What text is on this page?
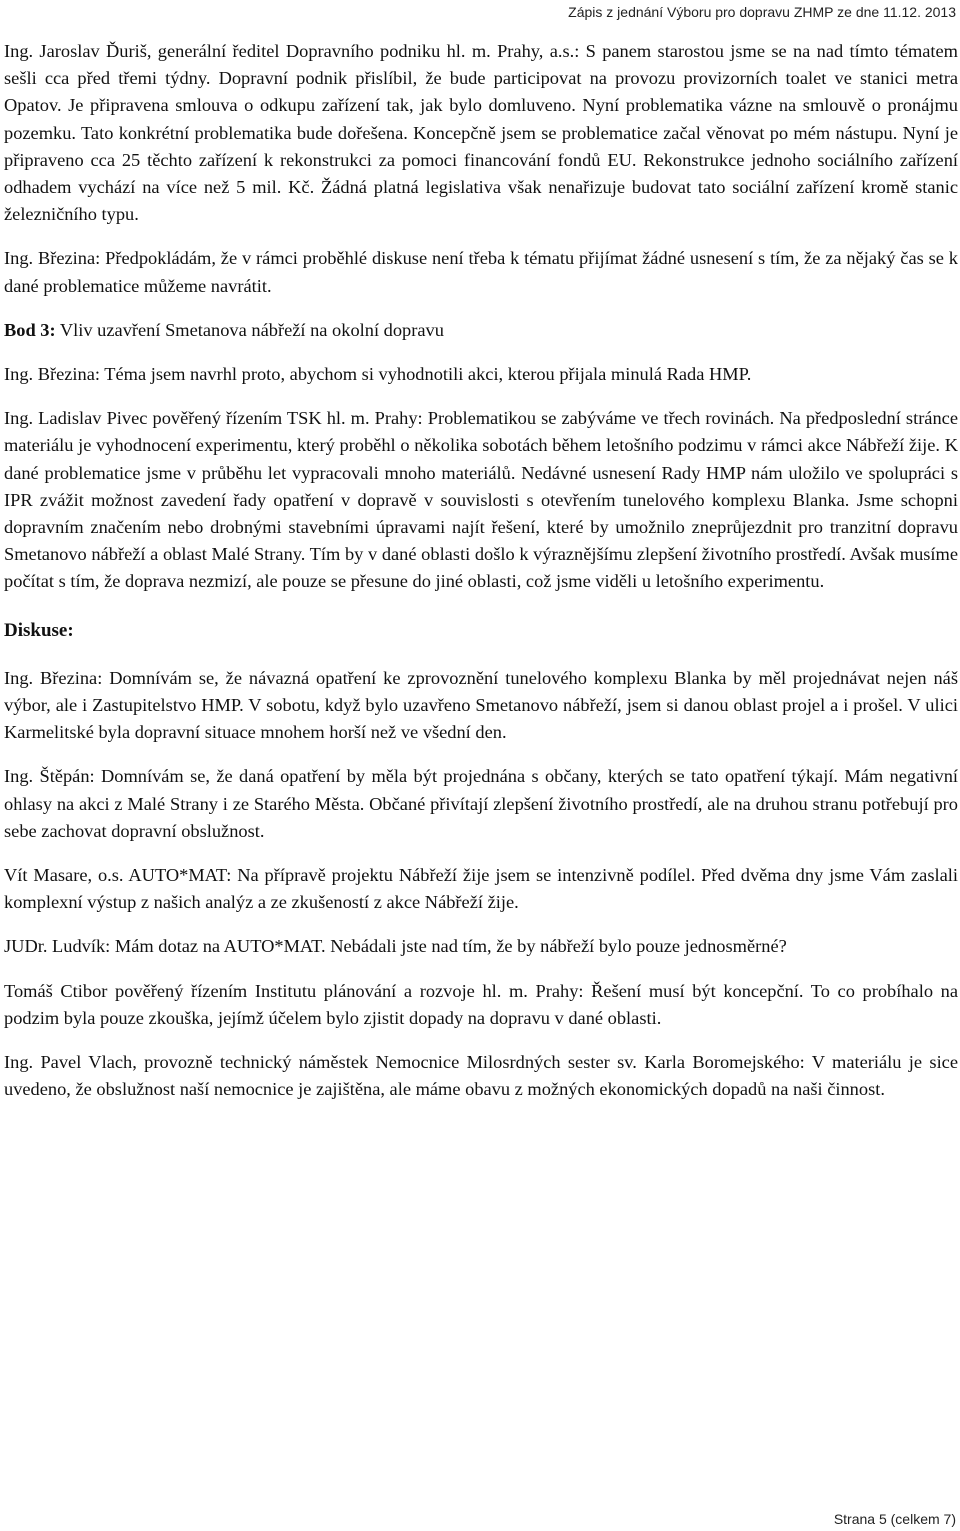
Zápis z jednání Výboru pro dopravu ZHMP ze dne 11.12. 2013

Ing. Jaroslav Ďuriš, generální ředitel Dopravního podniku hl. m. Prahy, a.s.: S panem starostou jsme se na nad tímto tématem sešli cca před třemi týdny. Dopravní podnik přislíbil, že bude participovat na provozu provizorních toalet ve stanici metra Opatov. Je připravena smlouva o odkupu zařízení tak, jak bylo domluveno. Nyní problematika vázne na smlouvě o pronájmu pozemku. Tato konkrétní problematika bude dořešena. Koncepčně jsem se problematice začal věnovat po mém nástupu. Nyní je připraveno cca 25 těchto zařízení k rekonstrukci za pomoci financování fondů EU. Rekonstrukce jednoho sociálního zařízení odhadem vychází na více než 5 mil. Kč. Žádná platná legislativa však nenařizuje budovat tato sociální zařízení kromě stanic železničního typu.

Ing. Březina: Předpokládám, že v rámci proběhlé diskuse není třeba k tématu přijímat žádné usnesení s tím, že za nějaký čas se k dané problematice můžeme navrátit.

Bod 3: Vliv uzavření Smetanova nábřeží na okolní dopravu

Ing. Březina: Téma jsem navrhl proto, abychom si vyhodnotili akci, kterou přijala minulá Rada HMP.

Ing. Ladislav Pivec pověřený řízením TSK hl. m. Prahy: Problematikou se zabýváme ve třech rovinách. Na předposlední stránce materiálu je vyhodnocení experimentu, který proběhl o několika sobotách během letošního podzimu v rámci akce Nábřeží žije. K dané problematice jsme v průběhu let vypracovali mnoho materiálů. Nedávné usnesení Rady HMP nám uložilo ve spolupráci s IPR zvážit možnost zavedení řady opatření v dopravě v souvislosti s otevřením tunelového komplexu Blanka. Jsme schopni dopravním značením nebo drobnými stavebními úpravami najít řešení, které by umožnilo zneprůjezdnit pro tranzitní dopravu Smetanovo nábřeží a oblast Malé Strany. Tím by v dané oblasti došlo k výraznějšímu zlepšení životního prostředí. Avšak musíme počítat s tím, že doprava nezmizí, ale pouze se přesune do jiné oblasti, což jsme viděli u letošního experimentu.

Diskuse:

Ing. Březina: Domnívám se, že návazná opatření ke zprovoznění tunelového komplexu Blanka by měl projednávat nejen náš výbor, ale i Zastupitelstvo HMP. V sobotu, když bylo uzavřeno Smetanovo nábřeží, jsem si danou oblast projel a i prošel. V ulici Karmelitské byla dopravní situace mnohem horší než ve všední den.

Ing. Štěpán: Domnívám se, že daná opatření by měla být projednána s občany, kterých se tato opatření týkají. Mám negativní ohlasy na akci z Malé Strany i ze Starého Města. Občané přivítají zlepšení životního prostředí, ale na druhou stranu potřebují pro sebe zachovat dopravní obslužnost.

Vít Masare, o.s. AUTO*MAT: Na přípravě projektu Nábřeží žije jsem se intenzivně podílel. Před dvěma dny jsme Vám zaslali komplexní výstup z našich analýz a ze zkušeností z akce Nábřeží žije.

JUDr. Ludvík: Mám dotaz na AUTO*MAT. Nebádali jste nad tím, že by nábřeží bylo pouze jednosměrné?

Tomáš Ctibor pověřený řízením Institutu plánování a rozvoje hl. m. Prahy: Řešení musí být koncepční. To co probíhalo na podzim byla pouze zkouška, jejímž účelem bylo zjistit dopady na dopravu v dané oblasti.

Ing. Pavel Vlach, provozně technický náměstek Nemocnice Milosrdných sester sv. Karla Boromejského: V materiálu je sice uvedeno, že obslužnost naší nemocnice je zajištěna, ale máme obavu z možných ekonomických dopadů na naši činnost.

Strana 5 (celkem 7)
